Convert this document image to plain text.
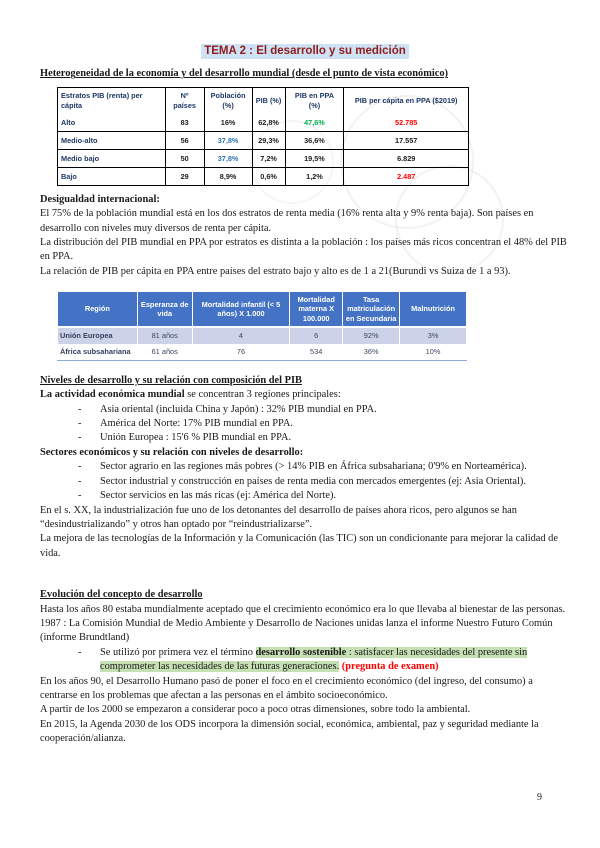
TEMA 2 : El desarrollo y su medición

Heterogeneidad de la economía y del desarrollo mundial (desde el punto de vista económico)

Estratos PIB (renta) per cápita	Nº países	Población (%)	PIB (%)	PIB en PPA (%)	PIB per cápita en PPA ($2019)
Alto	83	16%	62,8%	47,6%	52.785
Medio-alto	56	37,8%	29,3%	36,6%	17.557
Medio bajo	50	37,8%	7,2%	19,5%	6.829
Bajo	29	8,9%	0,6%	1,2%	2.487

Desigualdad internacional:

El 75% de la población mundial está en los dos estratos de renta media (16% renta alta y 9% renta baja). Son países en desarrollo con niveles muy diversos de renta per cápita.

La distribución del PIB mundial en PPA por estratos es distinta a la población : los países más ricos concentran el 48% del PIB en PPA.

La relación de PIB per cápita en PPA entre países del estrato bajo y alto es de 1 a 21(Burundi vs Suiza de 1 a 93).

Región	Esperanza de vida	Mortalidad infantil (< 5 años) X 1.000	Mortalidad materna X 100.000	Tasa matriculación en Secundaria	Malnutrición
Unión Europea	81 años	4	6	92%	3%
África subsahariana	61 años	76	534	36%	10%

Niveles de desarrollo y su relación con composición del PIB

La actividad económica mundial se concentran 3 regiones principales:

-	Asia oriental (incluida China y Japón) : 32% PIB mundial en PPA.
-	América del Norte: 17% PIB mundial en PPA.
-	Unión Europea : 15'6 % PIB mundial en PPA.

Sectores económicos y su relación con niveles de desarrollo:

-	Sector agrario en las regiones más pobres (> 14% PIB en África subsahariana; 0'9% en Norteamérica).
-	Sector industrial y construcción en países de renta media con mercados emergentes (ej: Asia Oriental).
-	Sector servicios en las más ricas (ej: América del Norte).

En el s. XX, la industrialización fue uno de los detonantes del desarrollo de países ahora ricos, pero algunos se han “desindustrializando” y otros han optado por “reindustrializarse”.

La mejora de las tecnologías de la Información y la Comunicación (las TIC) son un condicionante para mejorar la calidad de vida.

Evolución del concepto de desarrollo

Hasta los años 80 estaba mundialmente aceptado que el crecimiento económico era lo que llevaba al bienestar de las personas.

1987 : La Comisión Mundial de Medio Ambiente y Desarrollo de Naciones unidas lanza el informe Nuestro Futuro Común (informe Brundtland)

-	Se utilizó por primera vez el término desarrollo sostenible : satisfacer las necesidades del presente sin comprometer las necesidades de las futuras generaciones. (pregunta de examen)

En los años 90, el Desarrollo Humano pasó de poner el foco en el crecimiento económico (del ingreso, del consumo) a centrarse en los problemas que afectan a las personas en el ámbito socioeconómico.

A partir de los 2000 se empezaron a considerar poco a poco otras dimensiones, sobre todo la ambiental.

En 2015, la Agenda 2030 de los ODS incorpora la dimensión social, económica, ambiental, paz y seguridad mediante la cooperación/alianza.

9
